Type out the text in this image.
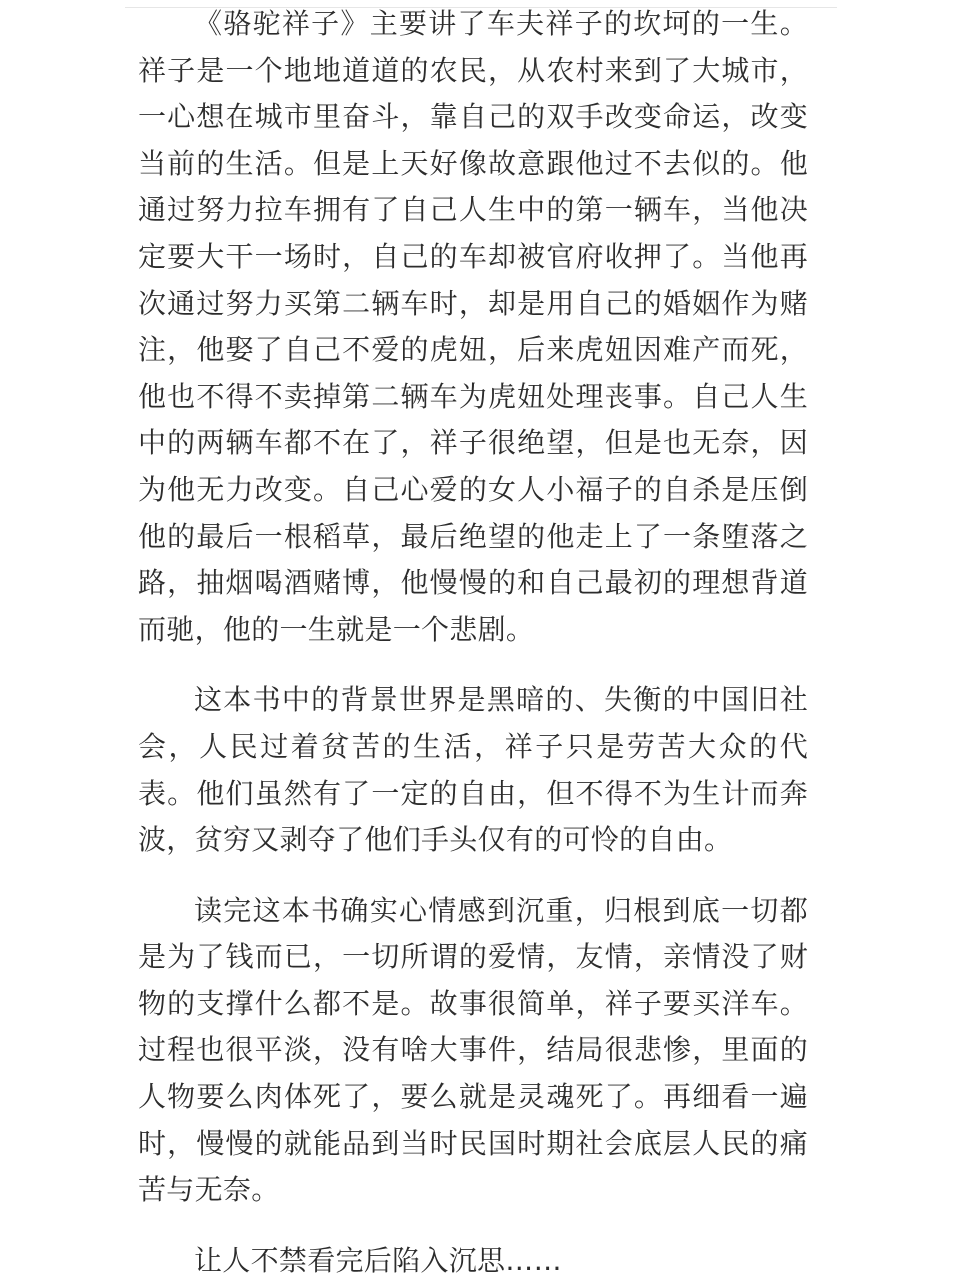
《骆驼祥子》主要讲了车夫祥子的坎坷的一生。祥子是一个地地道道的农民，从农村来到了大城市，一心想在城市里奋斗，靠自己的双手改变命运，改变当前的生活。但是上天好像故意跟他过不去似的。他通过努力拉车拥有了自己人生中的第一辆车，当他决定要大干一场时，自己的车却被官府收押了。当他再次通过努力买第二辆车时，却是用自己的婚姻作为赌注，他娶了自己不爱的虎妞，后来虎妞因难产而死，他也不得不卖掉第二辆车为虎妞处理丧事。自己人生中的两辆车都不在了，祥子很绝望，但是也无奈，因为他无力改变。自己心爱的女人小福子的自杀是压倒他的最后一根稻草，最后绝望的他走上了一条堕落之路，抽烟喝酒赌博，他慢慢的和自己最初的理想背道而驰，他的一生就是一个悲剧。

这本书中的背景世界是黑暗的、失衡的中国旧社会，人民过着贫苦的生活，祥子只是劳苦大众的代表。他们虽然有了一定的自由，但不得不为生计而奔波，贫穷又剥夺了他们手头仅有的可怜的自由。

读完这本书确实心情感到沉重，归根到底一切都是为了钱而已，一切所谓的爱情，友情，亲情没了财物的支撑什么都不是。故事很简单，祥子要买洋车。过程也很平淡，没有啥大事件，结局很悲惨，里面的人物要么肉体死了，要么就是灵魂死了。再细看一遍时，慢慢的就能品到当时民国时期社会底层人民的痛苦与无奈。

让人不禁看完后陷入沉思……
